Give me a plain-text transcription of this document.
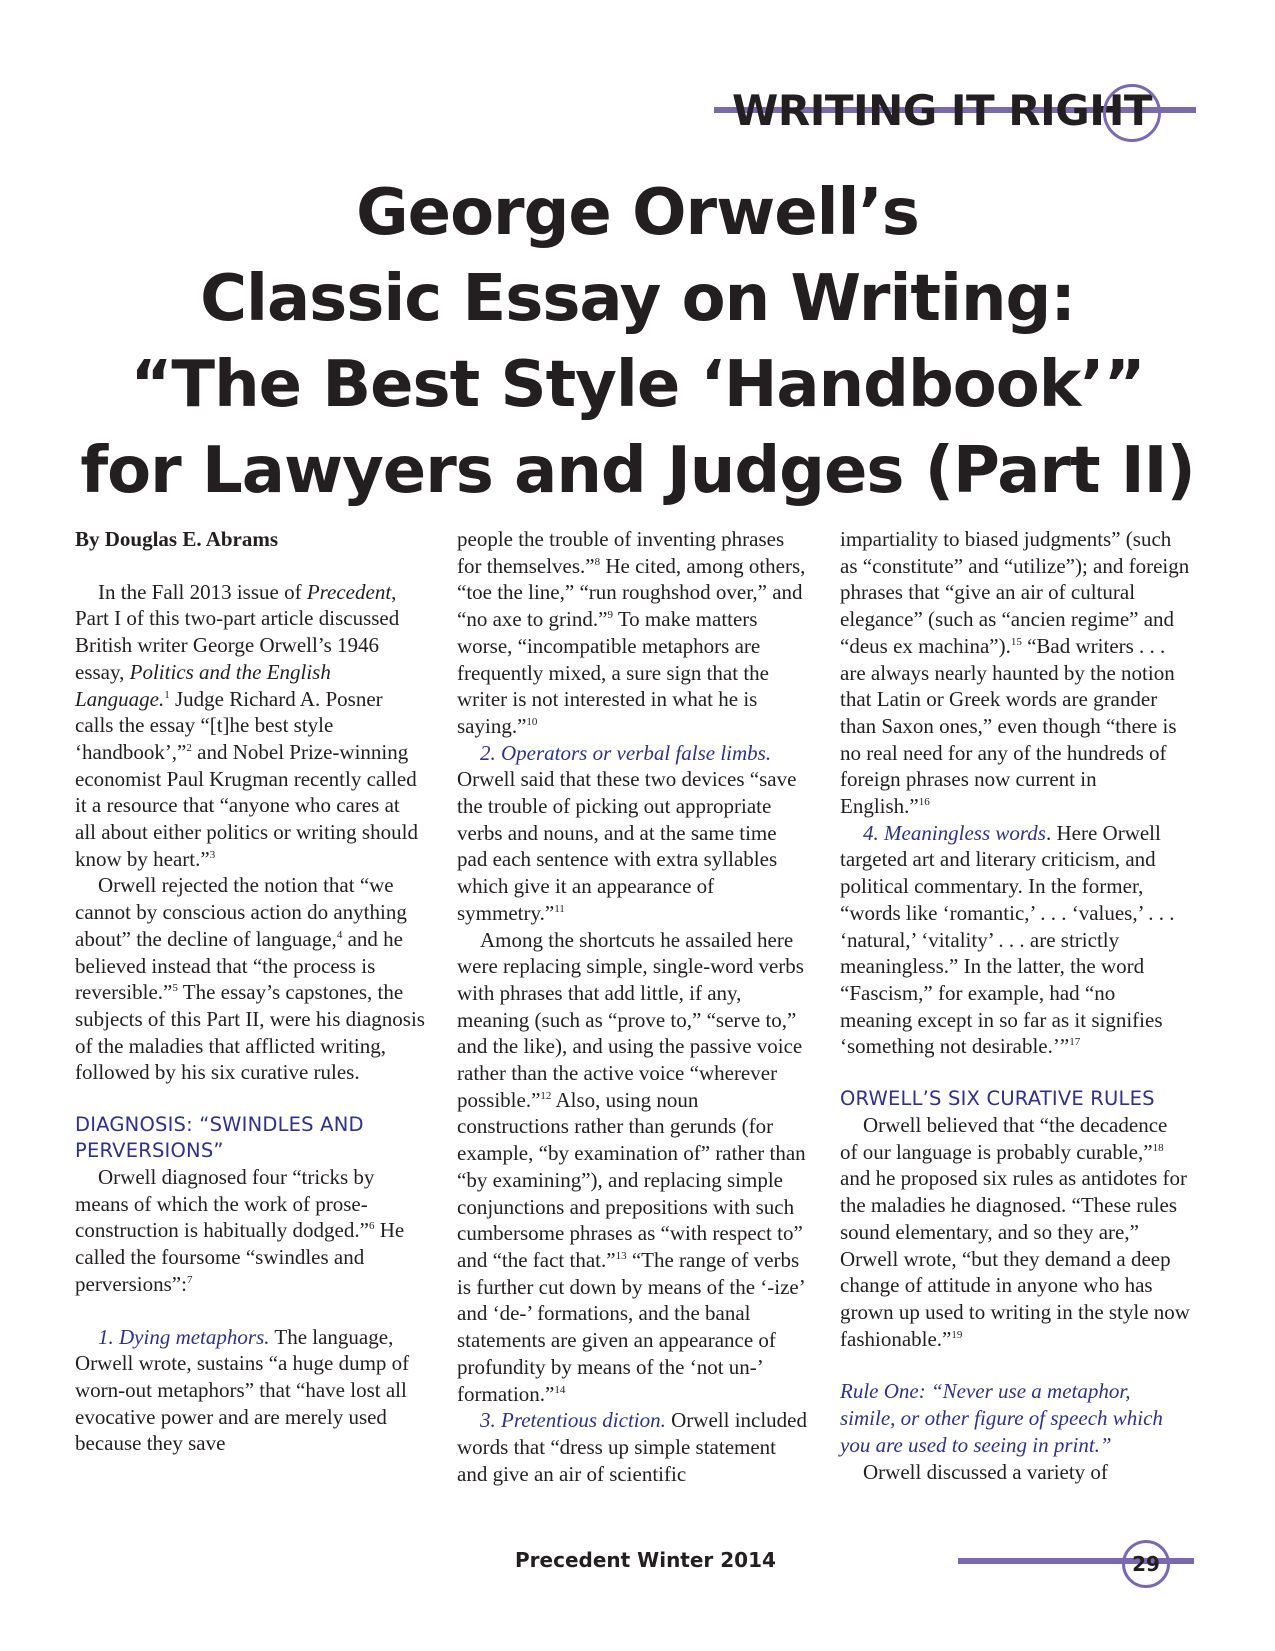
WRITING IT RIGHT
George Orwell’s
Classic Essay on Writing:
“The Best Style ‘Handbook’”
for Lawyers and Judges (Part II)

By Douglas E. Abrams

In the Fall 2013 issue of Precedent, Part I of this two-part article discussed British writer George Orwell’s 1946 essay, Politics and the English Language.$^1$ Judge Richard A. Posner calls the essay “[t]he best style ‘handbook’,”$^2$ and Nobel Prize-winning economist Paul Krugman recently called it a resource that “anyone who cares at all about either politics or writing should know by heart.”$^3$

Orwell rejected the notion that “we cannot by conscious action do anything about” the decline of language,$^4$ and he believed instead that “the process is reversible.”$^5$ The essay’s capstones, the subjects of this Part II, were his diagnosis of the maladies that afflicted writing, followed by his six curative rules.

DIAGNOSIS: “SWINDLES AND PERVERSIONS”

Orwell diagnosed four “tricks by means of which the work of prose-construction is habitually dodged.”$^6$ He called the foursome “swindles and perversions”:$^7$

1. Dying metaphors. The language, Orwell wrote, sustains “a huge dump of worn-out metaphors” that “have lost all evocative power and are merely used because they save

people the trouble of inventing phrases for themselves.”$^8$ He cited, among others, “toe the line,” “run roughshod over,” and “no axe to grind.”$^9$ To make matters worse, “incompatible metaphors are frequently mixed, a sure sign that the writer is not interested in what he is saying.”$^{10}$

2. Operators or verbal false limbs. Orwell said that these two devices “save the trouble of picking out appropriate verbs and nouns, and at the same time pad each sentence with extra syllables which give it an appearance of symmetry.”$^{11}$

Among the shortcuts he assailed here were replacing simple, single-word verbs with phrases that add little, if any, meaning (such as “prove to,” “serve to,” and the like), and using the passive voice rather than the active voice “wherever possible.”$^{12}$ Also, using noun constructions rather than gerunds (for example, “by examination of” rather than “by examining”), and replacing simple conjunctions and prepositions with such cumbersome phrases as “with respect to” and “the fact that.”$^{13}$ “The range of verbs is further cut down by means of the ‘-ize’ and ‘de-’ formations, and the banal statements are given an appearance of profundity by means of the ‘not un-’ formation.”$^{14}$

3. Pretentious diction. Orwell included words that “dress up simple statement and give an air of scientific

impartiality to biased judgments” (such as “constitute” and “utilize”); and foreign phrases that “give an air of cultural elegance” (such as “ancien regime” and “deus ex machina”).$^{15}$ “Bad writers . . . are always nearly haunted by the notion that Latin or Greek words are grander than Saxon ones,” even though “there is no real need for any of the hundreds of foreign phrases now current in English.”$^{16}$

4. Meaningless words. Here Orwell targeted art and literary criticism, and political commentary. In the former, “words like ‘romantic,’ . . . ‘values,’ . . . ‘natural,’ ‘vitality’ . . . are strictly meaningless.” In the latter, the word “Fascism,” for example, had “no meaning except in so far as it signifies ‘something not desirable.’”$^{17}$

ORWELL’S SIX CURATIVE RULES

Orwell believed that “the decadence of our language is probably curable,”$^{18}$ and he proposed six rules as antidotes for the maladies he diagnosed. “These rules sound elementary, and so they are,” Orwell wrote, “but they demand a deep change of attitude in anyone who has grown up used to writing in the style now fashionable.”$^{19}$

Rule One: “Never use a metaphor, simile, or other figure of speech which you are used to seeing in print.”

Orwell discussed a variety of

Precedent Winter 2014	29
